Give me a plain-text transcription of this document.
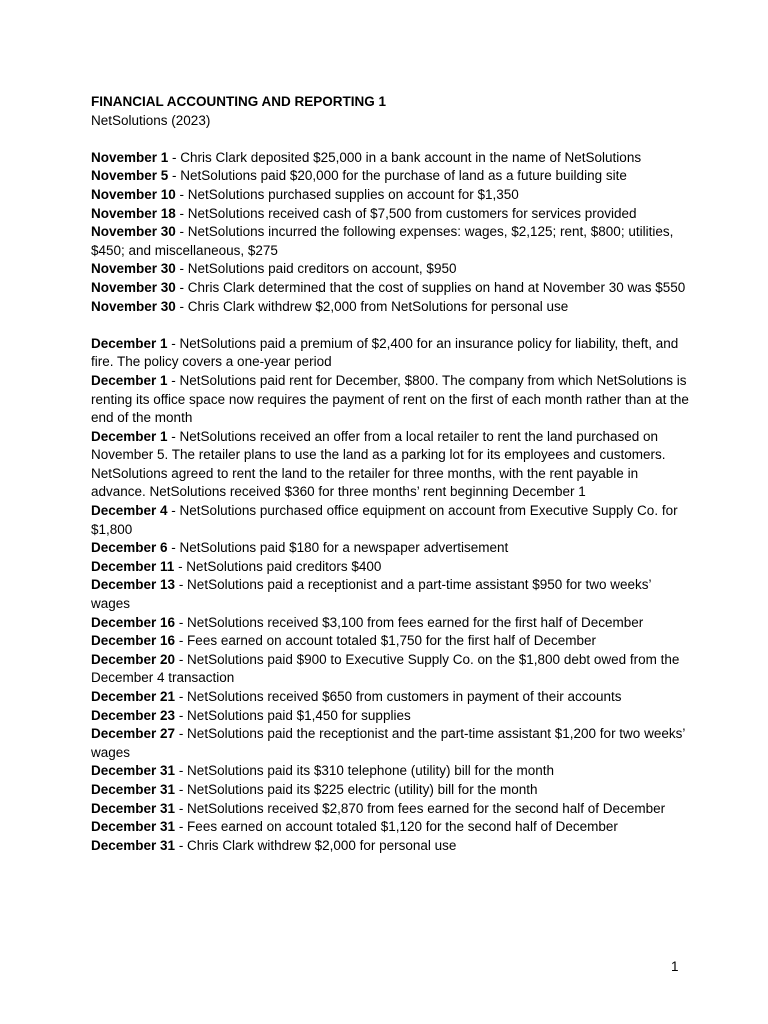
FINANCIAL ACCOUNTING AND REPORTING 1

NetSolutions (2023)

November 1 - Chris Clark deposited $25,000 in a bank account in the name of NetSolutions

November 5 - NetSolutions paid $20,000 for the purchase of land as a future building site

November 10 - NetSolutions purchased supplies on account for $1,350

November 18 - NetSolutions received cash of $7,500 from customers for services provided

November 30 - NetSolutions incurred the following expenses: wages, $2,125; rent, $800; utilities, $450; and miscellaneous, $275

November 30 - NetSolutions paid creditors on account, $950

November 30 - Chris Clark determined that the cost of supplies on hand at November 30 was $550

November 30 - Chris Clark withdrew $2,000 from NetSolutions for personal use

December 1 - NetSolutions paid a premium of $2,400 for an insurance policy for liability, theft, and fire. The policy covers a one-year period

December 1 - NetSolutions paid rent for December, $800. The company from which NetSolutions is renting its office space now requires the payment of rent on the first of each month rather than at the end of the month

December 1 - NetSolutions received an offer from a local retailer to rent the land purchased on November 5. The retailer plans to use the land as a parking lot for its employees and customers. NetSolutions agreed to rent the land to the retailer for three months, with the rent payable in advance. NetSolutions received $360 for three months’ rent beginning December 1

December 4 - NetSolutions purchased office equipment on account from Executive Supply Co. for $1,800

December 6 - NetSolutions paid $180 for a newspaper advertisement

December 11 - NetSolutions paid creditors $400

December 13 - NetSolutions paid a receptionist and a part-time assistant $950 for two weeks’ wages

December 16 - NetSolutions received $3,100 from fees earned for the first half of December

December 16 - Fees earned on account totaled $1,750 for the first half of December

December 20 - NetSolutions paid $900 to Executive Supply Co. on the $1,800 debt owed from the December 4 transaction

December 21 - NetSolutions received $650 from customers in payment of their accounts

December 23 - NetSolutions paid $1,450 for supplies

December 27 - NetSolutions paid the receptionist and the part-time assistant $1,200 for two weeks’ wages

December 31 - NetSolutions paid its $310 telephone (utility) bill for the month

December 31 - NetSolutions paid its $225 electric (utility) bill for the month

December 31 - NetSolutions received $2,870 from fees earned for the second half of December

December 31 - Fees earned on account totaled $1,120 for the second half of December

December 31 - Chris Clark withdrew $2,000 for personal use

1
